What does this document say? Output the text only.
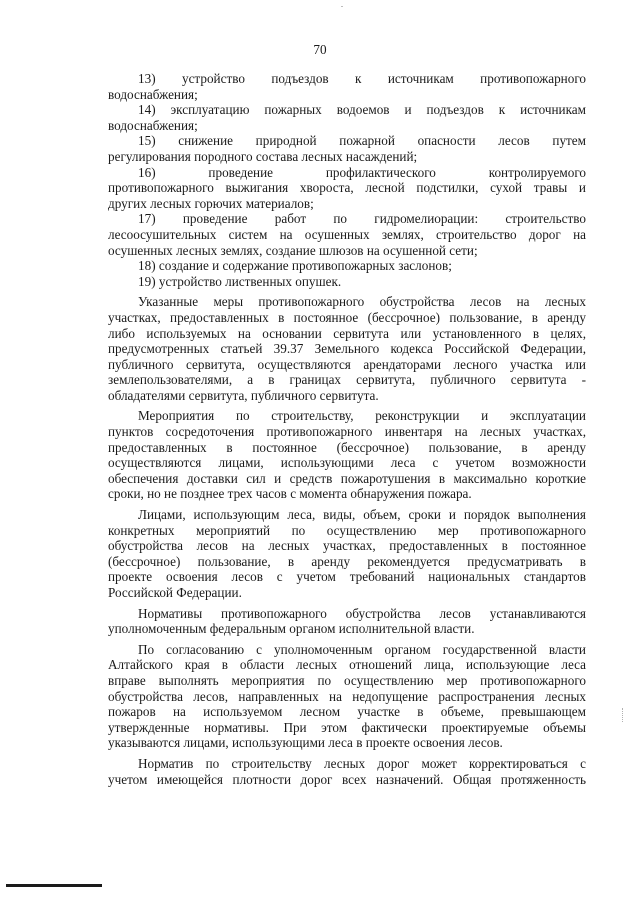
70

13) устройство подъездов к источникам противопожарного
водоснабжения;

14) эксплуатацию пожарных водоемов и подъездов к источникам
водоснабжения;

15) снижение природной пожарной опасности лесов путем
регулирования породного состава лесных насаждений;

16) проведение профилактического контролируемого
противопожарного выжигания хвороста, лесной подстилки, сухой травы и
других лесных горючих материалов;

17) проведение работ по гидромелиорации: строительство
лесоосушительных систем на осушенных землях, строительство дорог на
осушенных лесных землях, создание шлюзов на осушенной сети;

18) создание и содержание противопожарных заслонов;

19) устройство лиственных опушек.

Указанные меры противопожарного обустройства лесов на лесных
участках, предоставленных в постоянное (бессрочное) пользование, в аренду
либо используемых на основании сервитута или установленного в целях,
предусмотренных статьей 39.37 Земельного кодекса Российской Федерации,
публичного сервитута, осуществляются арендаторами лесного участка или
землепользователями, а в границах сервитута, публичного сервитута -
обладателями сервитута, публичного сервитута.

Мероприятия по строительству, реконструкции и эксплуатации
пунктов сосредоточения противопожарного инвентаря на лесных участках,
предоставленных в постоянное (бессрочное) пользование, в аренду
осуществляются лицами, использующими леса с учетом возможности
обеспечения доставки сил и средств пожаротушения в максимально короткие
сроки, но не позднее трех часов с момента обнаружения пожара.

Лицами, использующим леса, виды, объем, сроки и порядок выполнения
конкретных мероприятий по осуществлению мер противопожарного
обустройства лесов на лесных участках, предоставленных в постоянное
(бессрочное) пользование, в аренду рекомендуется предусматривать в
проекте освоения лесов с учетом требований национальных стандартов
Российской Федерации.

Нормативы противопожарного обустройства лесов устанавливаются
уполномоченным федеральным органом исполнительной власти.

По согласованию с уполномоченным органом государственной власти
Алтайского края в области лесных отношений лица, использующие леса
вправе выполнять мероприятия по осуществлению мер противопожарного
обустройства лесов, направленных на недопущение распространения лесных
пожаров на используемом лесном участке в объеме, превышающем
утвержденные нормативы. При этом фактически проектируемые объемы
указываются лицами, использующими леса в проекте освоения лесов.

Норматив по строительству лесных дорог может корректироваться с
учетом имеющейся плотности дорог всех назначений. Общая протяженность
